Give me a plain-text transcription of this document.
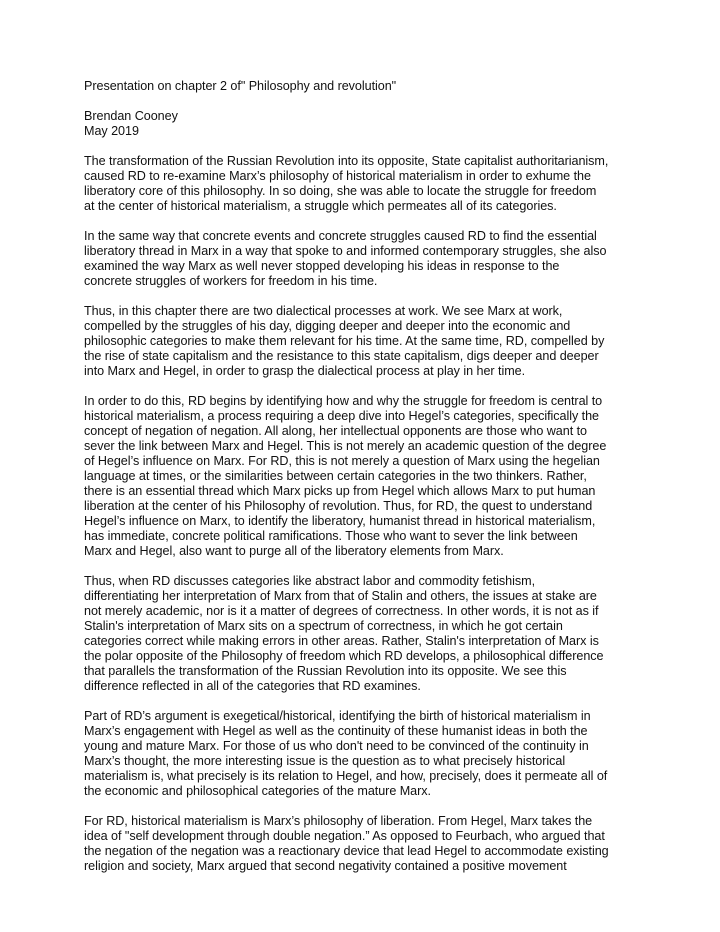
Presentation on chapter 2 of" Philosophy and revolution"
Brendan Cooney
May 2019
The transformation of the Russian Revolution into its opposite, State capitalist authoritarianism,
caused RD to re-examine Marx’s philosophy of historical materialism in order to exhume the
liberatory core of this philosophy. In so doing, she was able to locate the struggle for freedom
at the center of historical materialism, a struggle which permeates all of its categories.
In the same way that concrete events and concrete struggles caused RD to find the essential
liberatory thread in Marx in a way that spoke to and informed contemporary struggles, she also
examined the way Marx as well never stopped developing his ideas in response to the
concrete struggles of workers for freedom in his time.
Thus, in this chapter there are two dialectical processes at work. We see Marx at work,
compelled by the struggles of his day, digging deeper and deeper into the economic and
philosophic categories to make them relevant for his time. At the same time, RD, compelled by
the rise of state capitalism and the resistance to this state capitalism, digs deeper and deeper
into Marx and Hegel, in order to grasp the dialectical process at play in her time.
In order to do this, RD begins by identifying how and why the struggle for freedom is central to
historical materialism, a process requiring a deep dive into Hegel’s categories, specifically the
concept of negation of negation. All along, her intellectual opponents are those who want to
sever the link between Marx and Hegel. This is not merely an academic question of the degree
of Hegel’s influence on Marx. For RD, this is not merely a question of Marx using the hegelian
language at times, or the similarities between certain categories in the two thinkers. Rather,
there is an essential thread which Marx picks up from Hegel which allows Marx to put human
liberation at the center of his Philosophy of revolution. Thus, for RD, the quest to understand
Hegel’s influence on Marx, to identify the liberatory, humanist thread in historical materialism,
has immediate, concrete political ramifications. Those who want to sever the link between
Marx and Hegel, also want to purge all of the liberatory elements from Marx.
Thus, when RD discusses categories like abstract labor and commodity fetishism,
differentiating her interpretation of Marx from that of Stalin and others, the issues at stake are
not merely academic, nor is it a matter of degrees of correctness. In other words, it is not as if
Stalin's interpretation of Marx sits on a spectrum of correctness, in which he got certain
categories correct while making errors in other areas. Rather, Stalin's interpretation of Marx is
the polar opposite of the Philosophy of freedom which RD develops, a philosophical difference
that parallels the transformation of the Russian Revolution into its opposite. We see this
difference reflected in all of the categories that RD examines.
Part of RD’s argument is exegetical/historical, identifying the birth of historical materialism in
Marx’s engagement with Hegel as well as the continuity of these humanist ideas in both the
young and mature Marx. For those of us who don't need to be convinced of the continuity in
Marx’s thought, the more interesting issue is the question as to what precisely historical
materialism is, what precisely is its relation to Hegel, and how, precisely, does it permeate all of
the economic and philosophical categories of the mature Marx.
For RD, historical materialism is Marx’s philosophy of liberation. From Hegel, Marx takes the
idea of "self development through double negation.” As opposed to Feurbach, who argued that
the negation of the negation was a reactionary device that lead Hegel to accommodate existing
religion and society, Marx argued that second negativity contained a positive movement
